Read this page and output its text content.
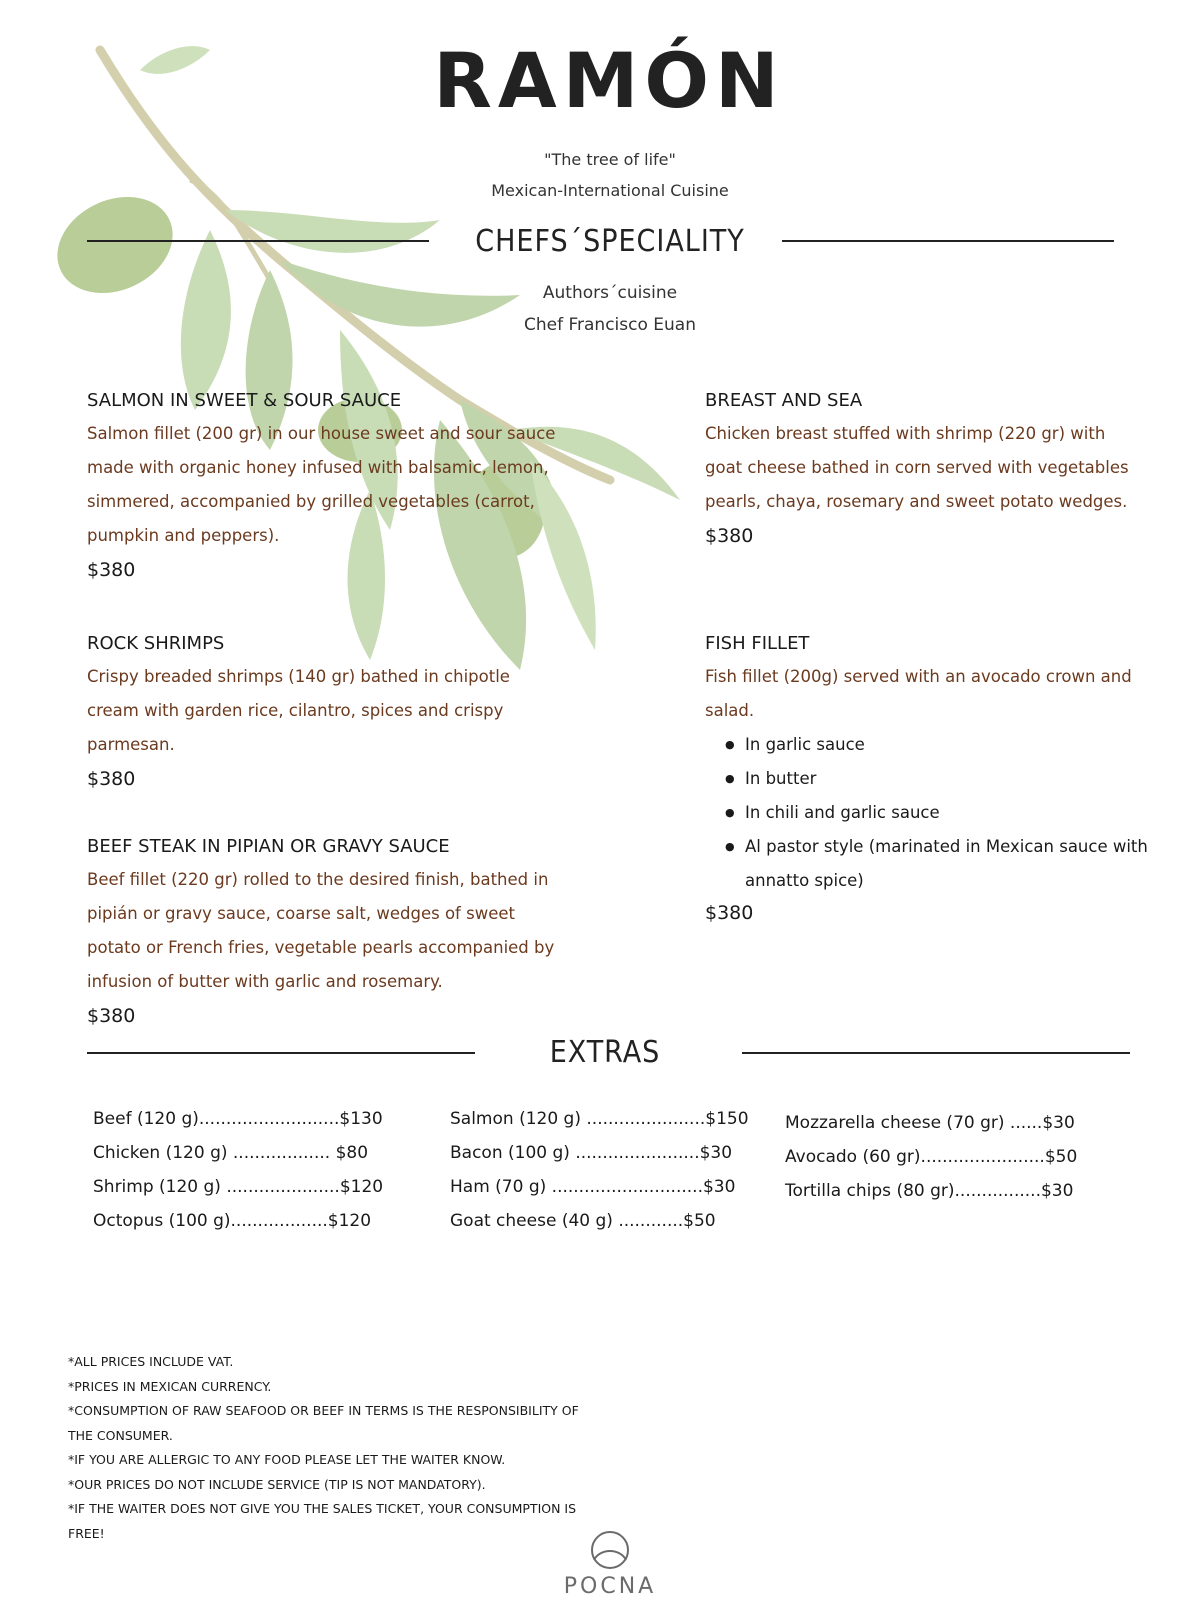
RAMÓN
"The tree of life"
Mexican-International Cuisine
CHEFS´SPECIALITY
Authors´cuisine
Chef Francisco Euan
SALMON IN SWEET & SOUR SAUCE
Salmon fillet (200 gr) in our house sweet and sour sauce made with organic honey infused with balsamic, lemon, simmered, accompanied by grilled vegetables (carrot, pumpkin and peppers).
$380
ROCK SHRIMPS
Crispy breaded shrimps (140 gr) bathed in chipotle cream with garden rice, cilantro, spices and crispy parmesan.
$380
BEEF STEAK IN PIPIAN OR GRAVY SAUCE
Beef fillet (220 gr) rolled to the desired finish, bathed in pipián or gravy sauce, coarse salt, wedges of sweet potato or French fries, vegetable pearls accompanied by infusion of butter with garlic and rosemary.
$380
BREAST AND SEA
Chicken breast stuffed with shrimp (220 gr) with goat cheese bathed in corn served with vegetables pearls, chaya, rosemary and sweet potato wedges.
$380
FISH FILLET
Fish fillet (200g) served with an avocado crown and salad.
● In garlic sauce
● In butter
● In chili and garlic sauce
● Al pastor style (marinated in Mexican sauce with annatto spice)
$380
EXTRAS
Beef (120 g)..........................$130
Chicken (120 g) .................. $80
Shrimp (120 g) .....................$120
Octopus (100 g)..................$120
Salmon (120 g) ......................$150
Bacon (100 g) .......................$30
Ham (70 g) ............................$30
Goat cheese (40 g) ............$50
Mozzarella cheese (70 gr) ......$30
Avocado (60 gr).......................$50
Tortilla chips (80 gr)................$30
*ALL PRICES INCLUDE VAT.
*PRICES IN MEXICAN CURRENCY.
*CONSUMPTION OF RAW SEAFOOD OR BEEF IN TERMS IS THE RESPONSIBILITY OF THE CONSUMER.
*IF YOU ARE ALLERGIC TO ANY FOOD PLEASE LET THE WAITER KNOW.
*OUR PRICES DO NOT INCLUDE SERVICE (TIP IS NOT MANDATORY).
*IF THE WAITER DOES NOT GIVE YOU THE SALES TICKET, YOUR CONSUMPTION IS FREE!
POCNA
